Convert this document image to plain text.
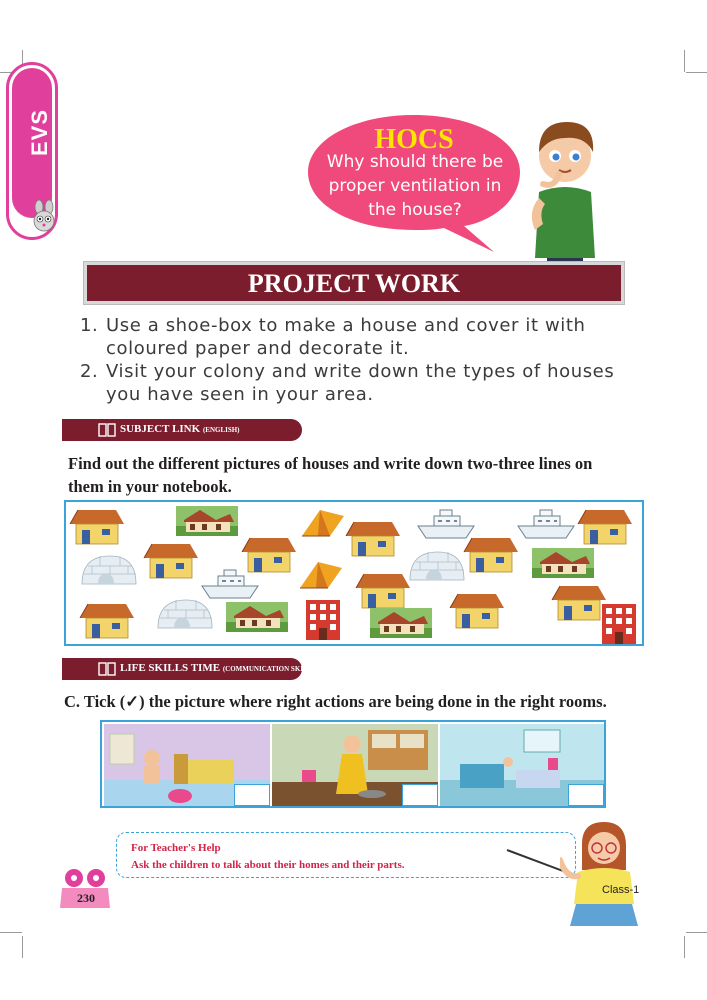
EVS	HOCS
Why should there be
proper ventilation in
the house?
PROJECT WORK
1. Use a shoe-box to make a house and cover it with
coloured paper and decorate it.
2. Visit your colony and write down the types of houses
you have seen in your area.
SUBJECT LINK (ENGLISH)
Find out the different pictures of houses and write down two-three lines on
them in your notebook.
LIFE SKILLS TIME (COMMUNICATION SKILLS)
C. Tick (✓) the picture where right actions are being done in the right rooms.
For Teacher's Help
Ask the children to talk about their homes and their parts.
230
Class-1
